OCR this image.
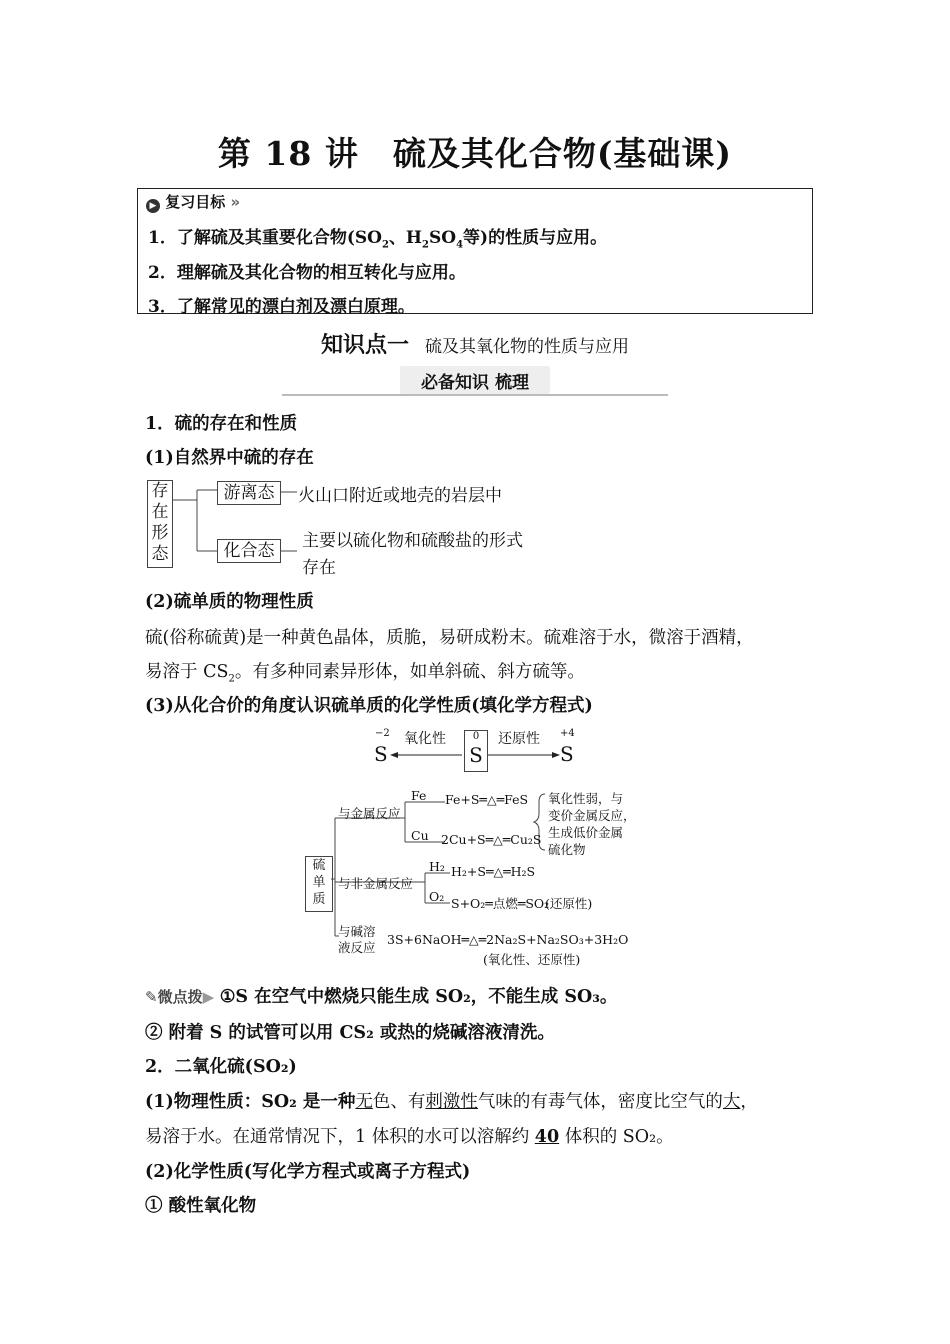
第 18 讲　硫及其化合物(基础课)
▶ 复习目标 »
1．了解硫及其重要化合物($SO_2$、$H_2SO_4$等)的性质与应用。
2．理解硫及其化合物的相互转化与应用。
3．了解常见的漂白剂及漂白原理。
知识点一 硫及其氧化物的性质与应用
必备知识 梳理
1．硫的存在和性质
(1)自然界中硫的存在
存
在
形
态
游离态	火山口附近或地壳的岩层中
化合态	主要以硫化物和硫酸盐的形式
存在
(2)硫单质的物理性质
硫(俗称硫黄)是一种黄色晶体，质脆，易研成粉末。硫难溶于水，微溶于酒精，
易溶于 $CS_2$。有多种同素异形体，如单斜硫、斜方硫等。
(3)从化合价的角度认识硫单质的化学性质(填化学方程式)
−2
S
氧化性	0
S
还原性 +4
S
硫
单
质
与金属反应
Fe Fe+S═△═FeS
Cu 2Cu+S═△═Cu₂S
氧化性弱，与
变价金属反应，
生成低价金属
硫化物
与非金属反应
H₂ H₂+S═△═H₂S
O₂ S+O₂═点燃═SO₂
(还原性)
与碱溶
液反应
3S+6NaOH═△═2Na₂S+Na₂SO₃+3H₂O
(氧化性、还原性)
✎微点拨▶ ①S 在空气中燃烧只能生成 SO₂，不能生成 SO₃。
② 附着 S 的试管可以用 CS₂ 或热的烧碱溶液清洗。
2．二氧化硫(SO₂)
(1)物理性质：SO₂ 是一种无色、有刺激性气味的有毒气体，密度比空气的大，
易溶于水。在通常情况下，1 体积的水可以溶解约 40 体积的 SO₂。
(2)化学性质(写化学方程式或离子方程式)
① 酸性氧化物
